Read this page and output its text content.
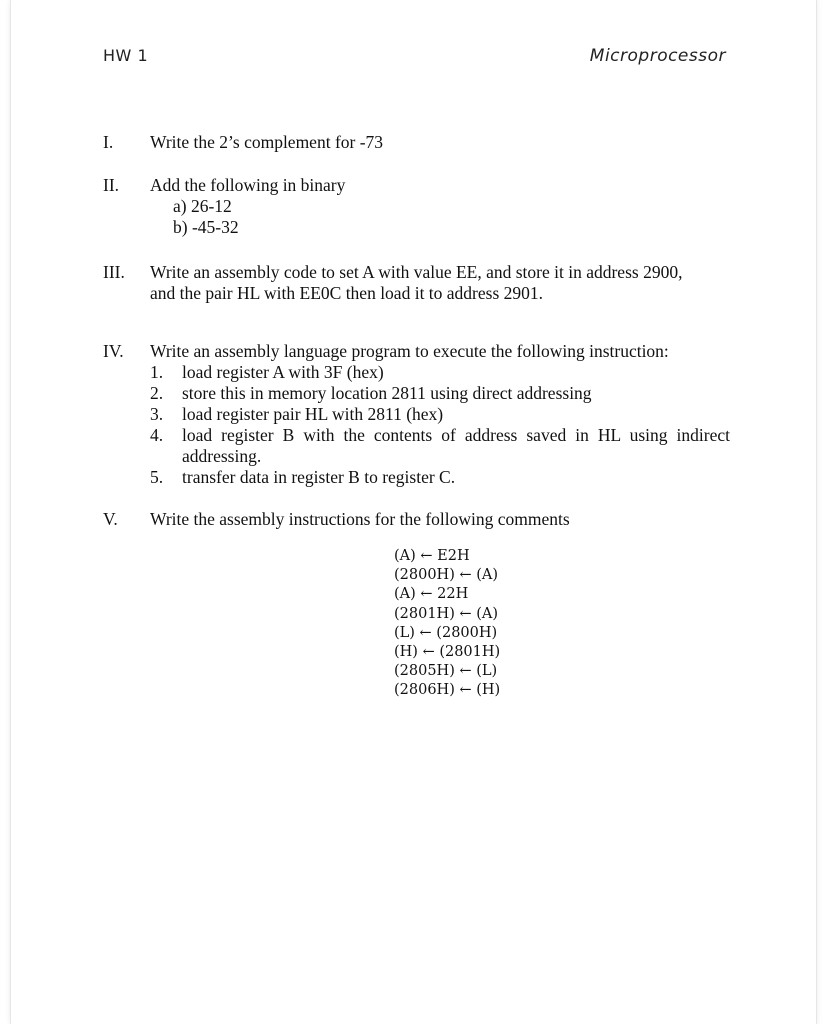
HW 1	Microprocessor
I.	Write the 2’s complement for -73
II.	Add the following in binary
a) 26-12
b) -45-32
III.	Write an assembly code to set A with value EE, and store it in address 2900,
and the pair HL with EE0C then load it to address 2901.
IV.	Write an assembly language program to execute the following instruction:
1.	load register A with 3F (hex)
2.	store this in memory location 2811 using direct addressing
3.	load register pair HL with 2811 (hex)
4.	load register B with the contents of address saved in HL using indirect addressing.
5.	transfer data in register B to register C.
V.	Write the assembly instructions for the following comments
(A) ← E2H
(2800H) ← (A)
(A) ← 22H
(2801H) ← (A)
(L) ← (2800H)
(H) ← (2801H)
(2805H) ← (L)
(2806H) ← (H)
